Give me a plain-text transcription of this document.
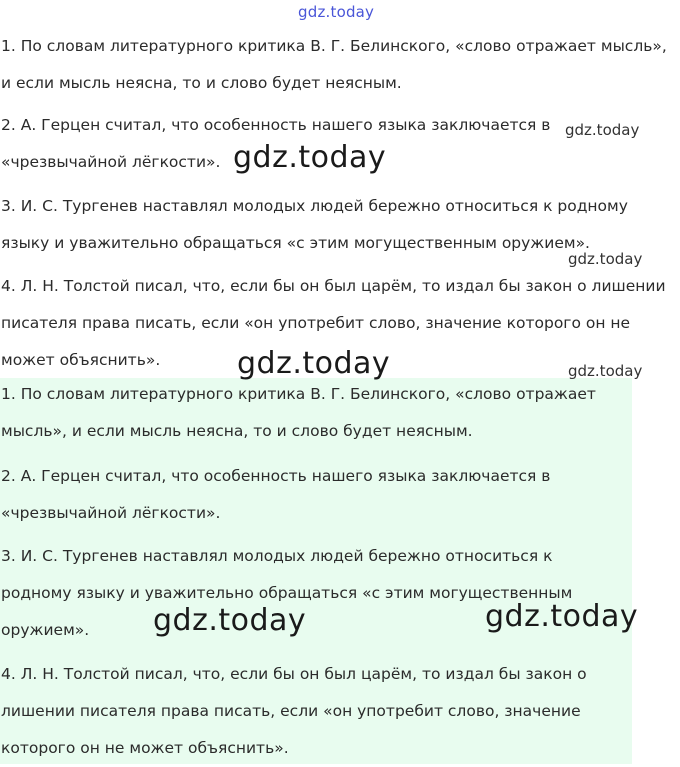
gdz.today

1. По словам литературного критика В. Г. Белинского, «слово отражает мысль»,
и если мысль неясна, то и слово будет неясным.

2. А. Герцен считал, что особенность нашего языка заключается в
«чрезвычайной лёгкости».

3. И. С. Тургенев наставлял молодых людей бережно относиться к родному
языку и уважительно обращаться «с этим могущественным оружием».

4. Л. Н. Толстой писал, что, если бы он был царём, то издал бы закон о лишении
писателя права писать, если «он употребит слово, значение которого он не
может объяснить».

1. По словам литературного критика В. Г. Белинского, «слово отражает
мысль», и если мысль неясна, то и слово будет неясным.

2. А. Герцен считал, что особенность нашего языка заключается в
«чрезвычайной лёгкости».

3. И. С. Тургенев наставлял молодых людей бережно относиться к
родному языку и уважительно обращаться «с этим могущественным
оружием».

4. Л. Н. Толстой писал, что, если бы он был царём, то издал бы закон о
лишении писателя права писать, если «он употребит слово, значение
которого он не может объяснить».

gdz.today
gdz.today
gdz.today
gdz.today
gdz.today
gdz.today	gdz.today
